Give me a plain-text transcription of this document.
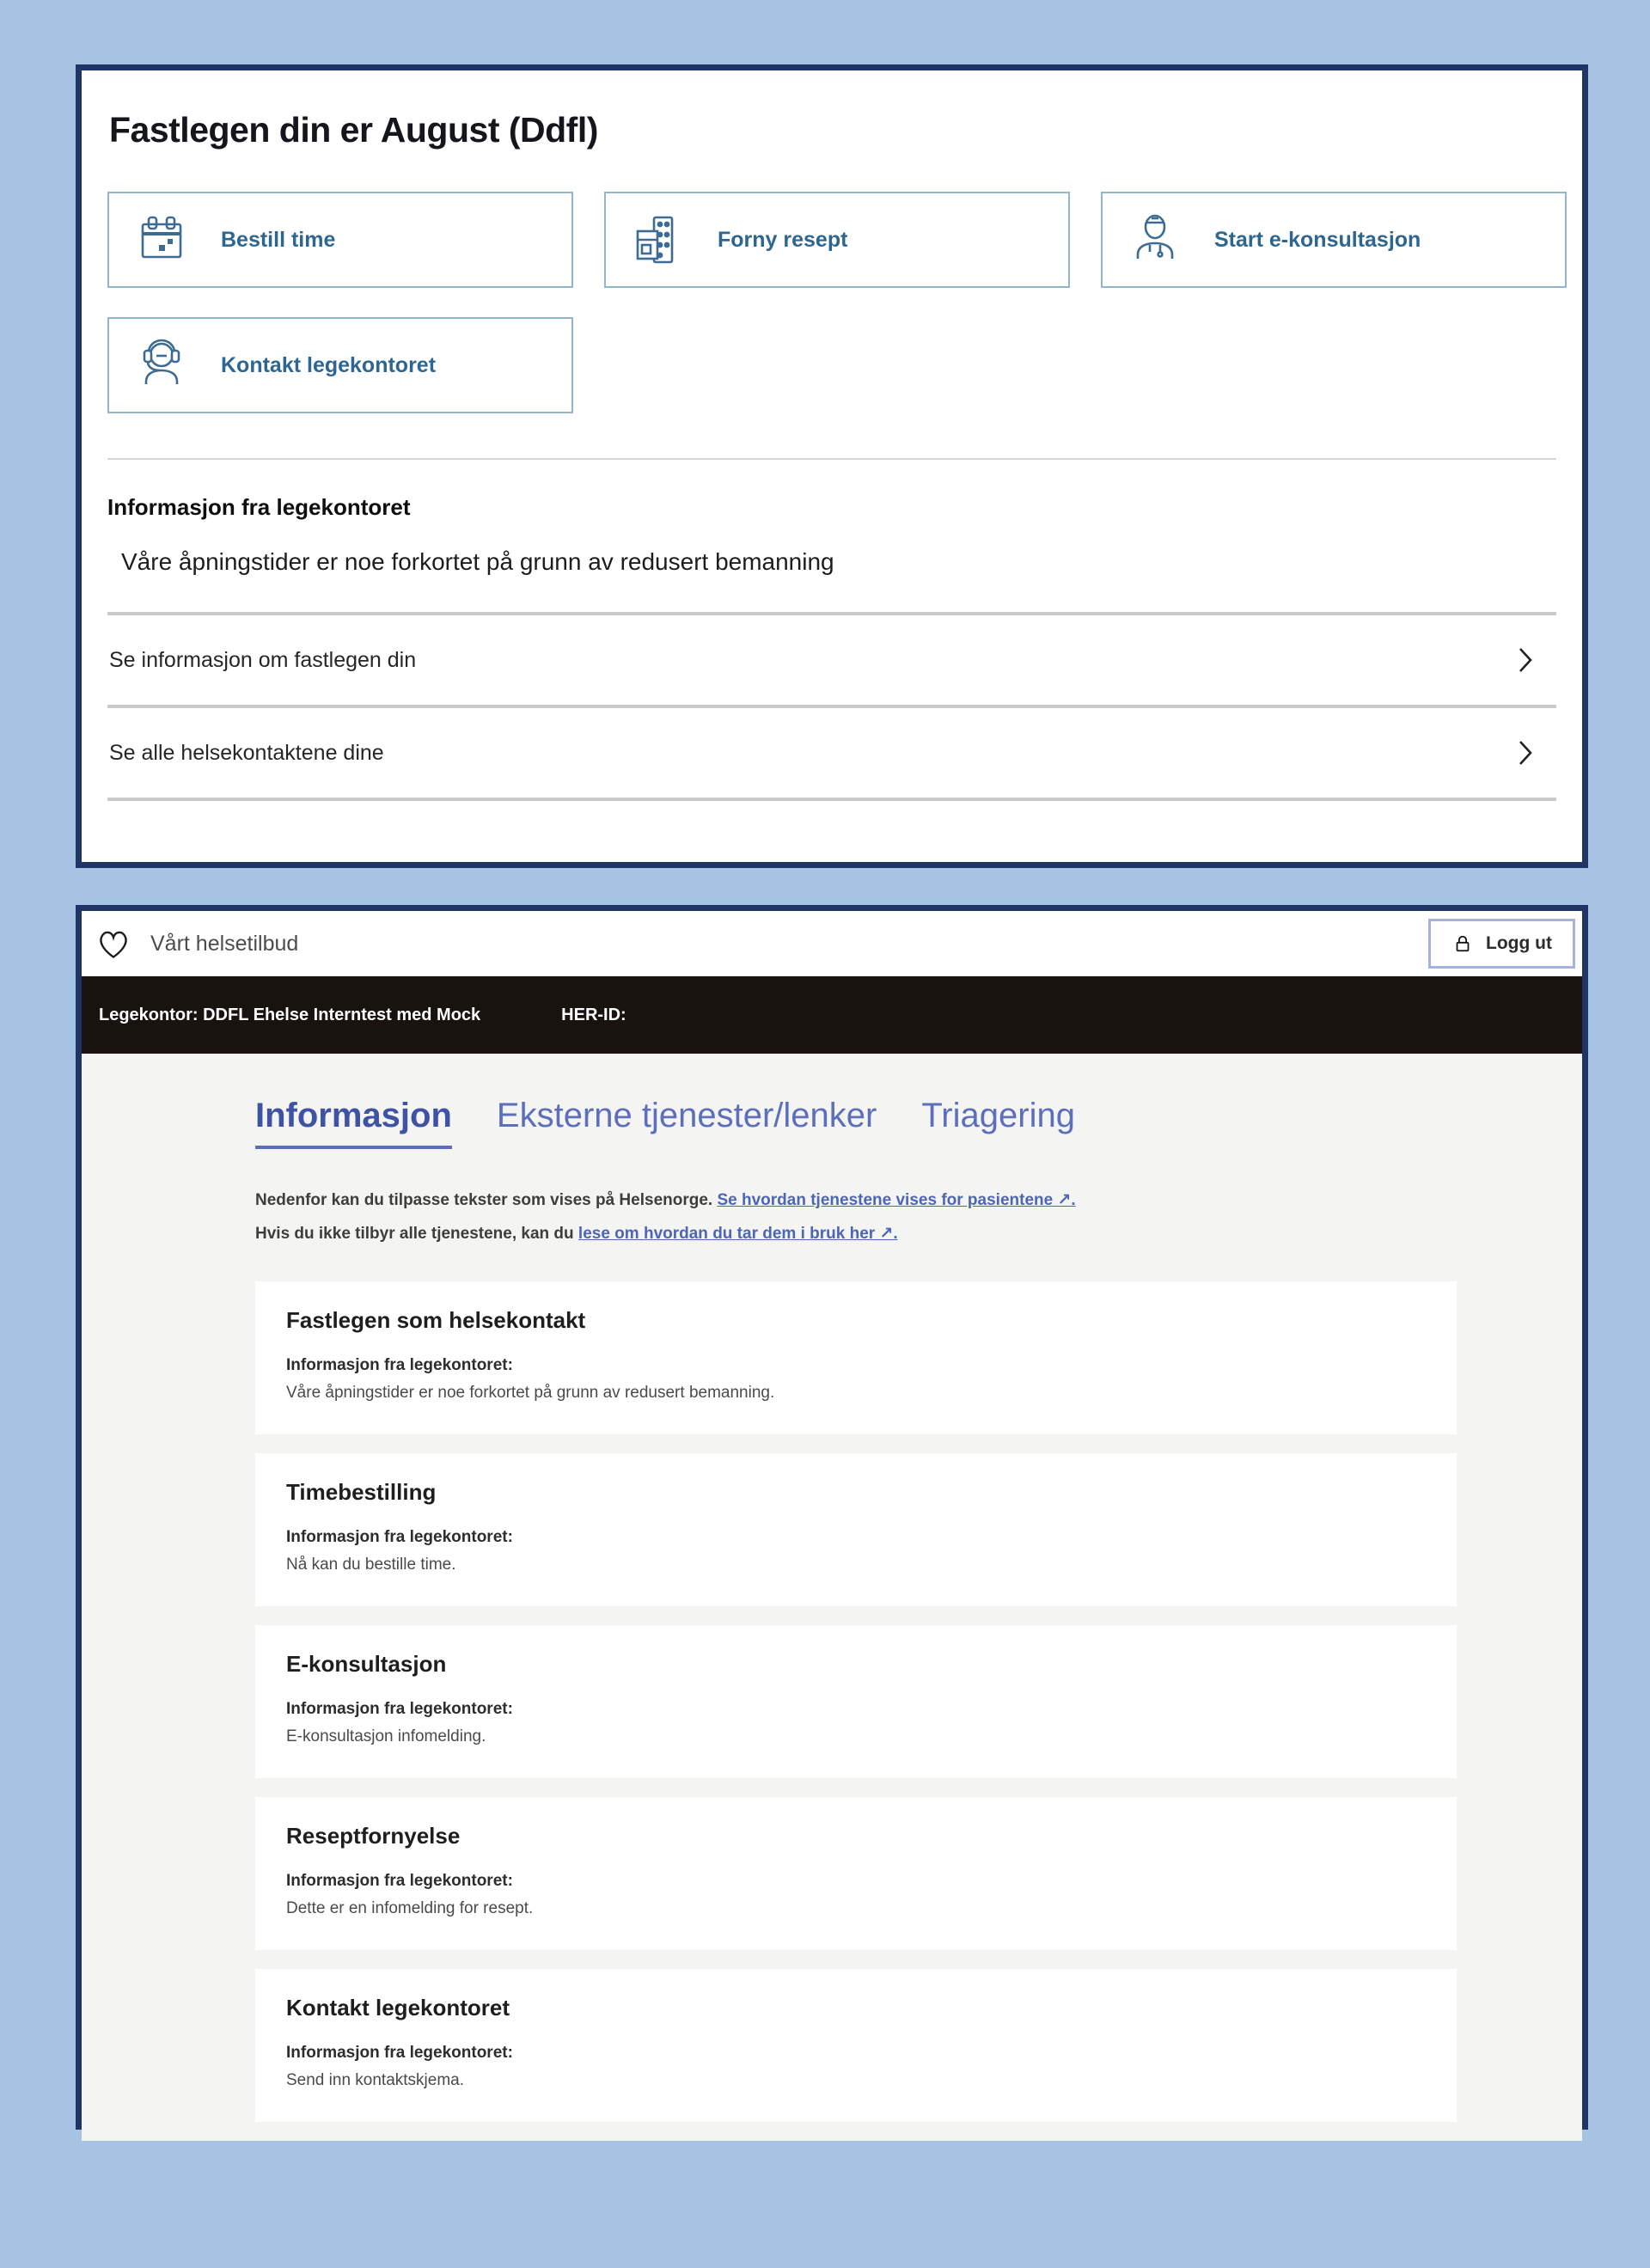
Fastlegen din er August (Ddfl)
Bestill time	Forny resept	Start e-konsultasjon
Kontakt legekontoret
Informasjon fra legekontoret
Våre åpningstider er noe forkortet på grunn av redusert bemanning
Se informasjon om fastlegen din
Se alle helsekontaktene dine
Vårt helsetilbud	Logg ut
Legekontor: DDFL Ehelse Interntest med Mock	HER-ID:
Informasjon Eksterne tjenester/lenker Triagering
Nedenfor kan du tilpasse tekster som vises på Helsenorge. Se hvordan tjenestene vises for pasientene ↗.
Hvis du ikke tilbyr alle tjenestene, kan du lese om hvordan du tar dem i bruk her ↗.
Fastlegen som helsekontakt
Informasjon fra legekontoret:
Våre åpningstider er noe forkortet på grunn av redusert bemanning.
Timebestilling
Informasjon fra legekontoret:
Nå kan du bestille time.
E-konsultasjon
Informasjon fra legekontoret:
E-konsultasjon infomelding.
Reseptfornyelse
Informasjon fra legekontoret:
Dette er en infomelding for resept.
Kontakt legekontoret
Informasjon fra legekontoret:
Send inn kontaktskjema.
